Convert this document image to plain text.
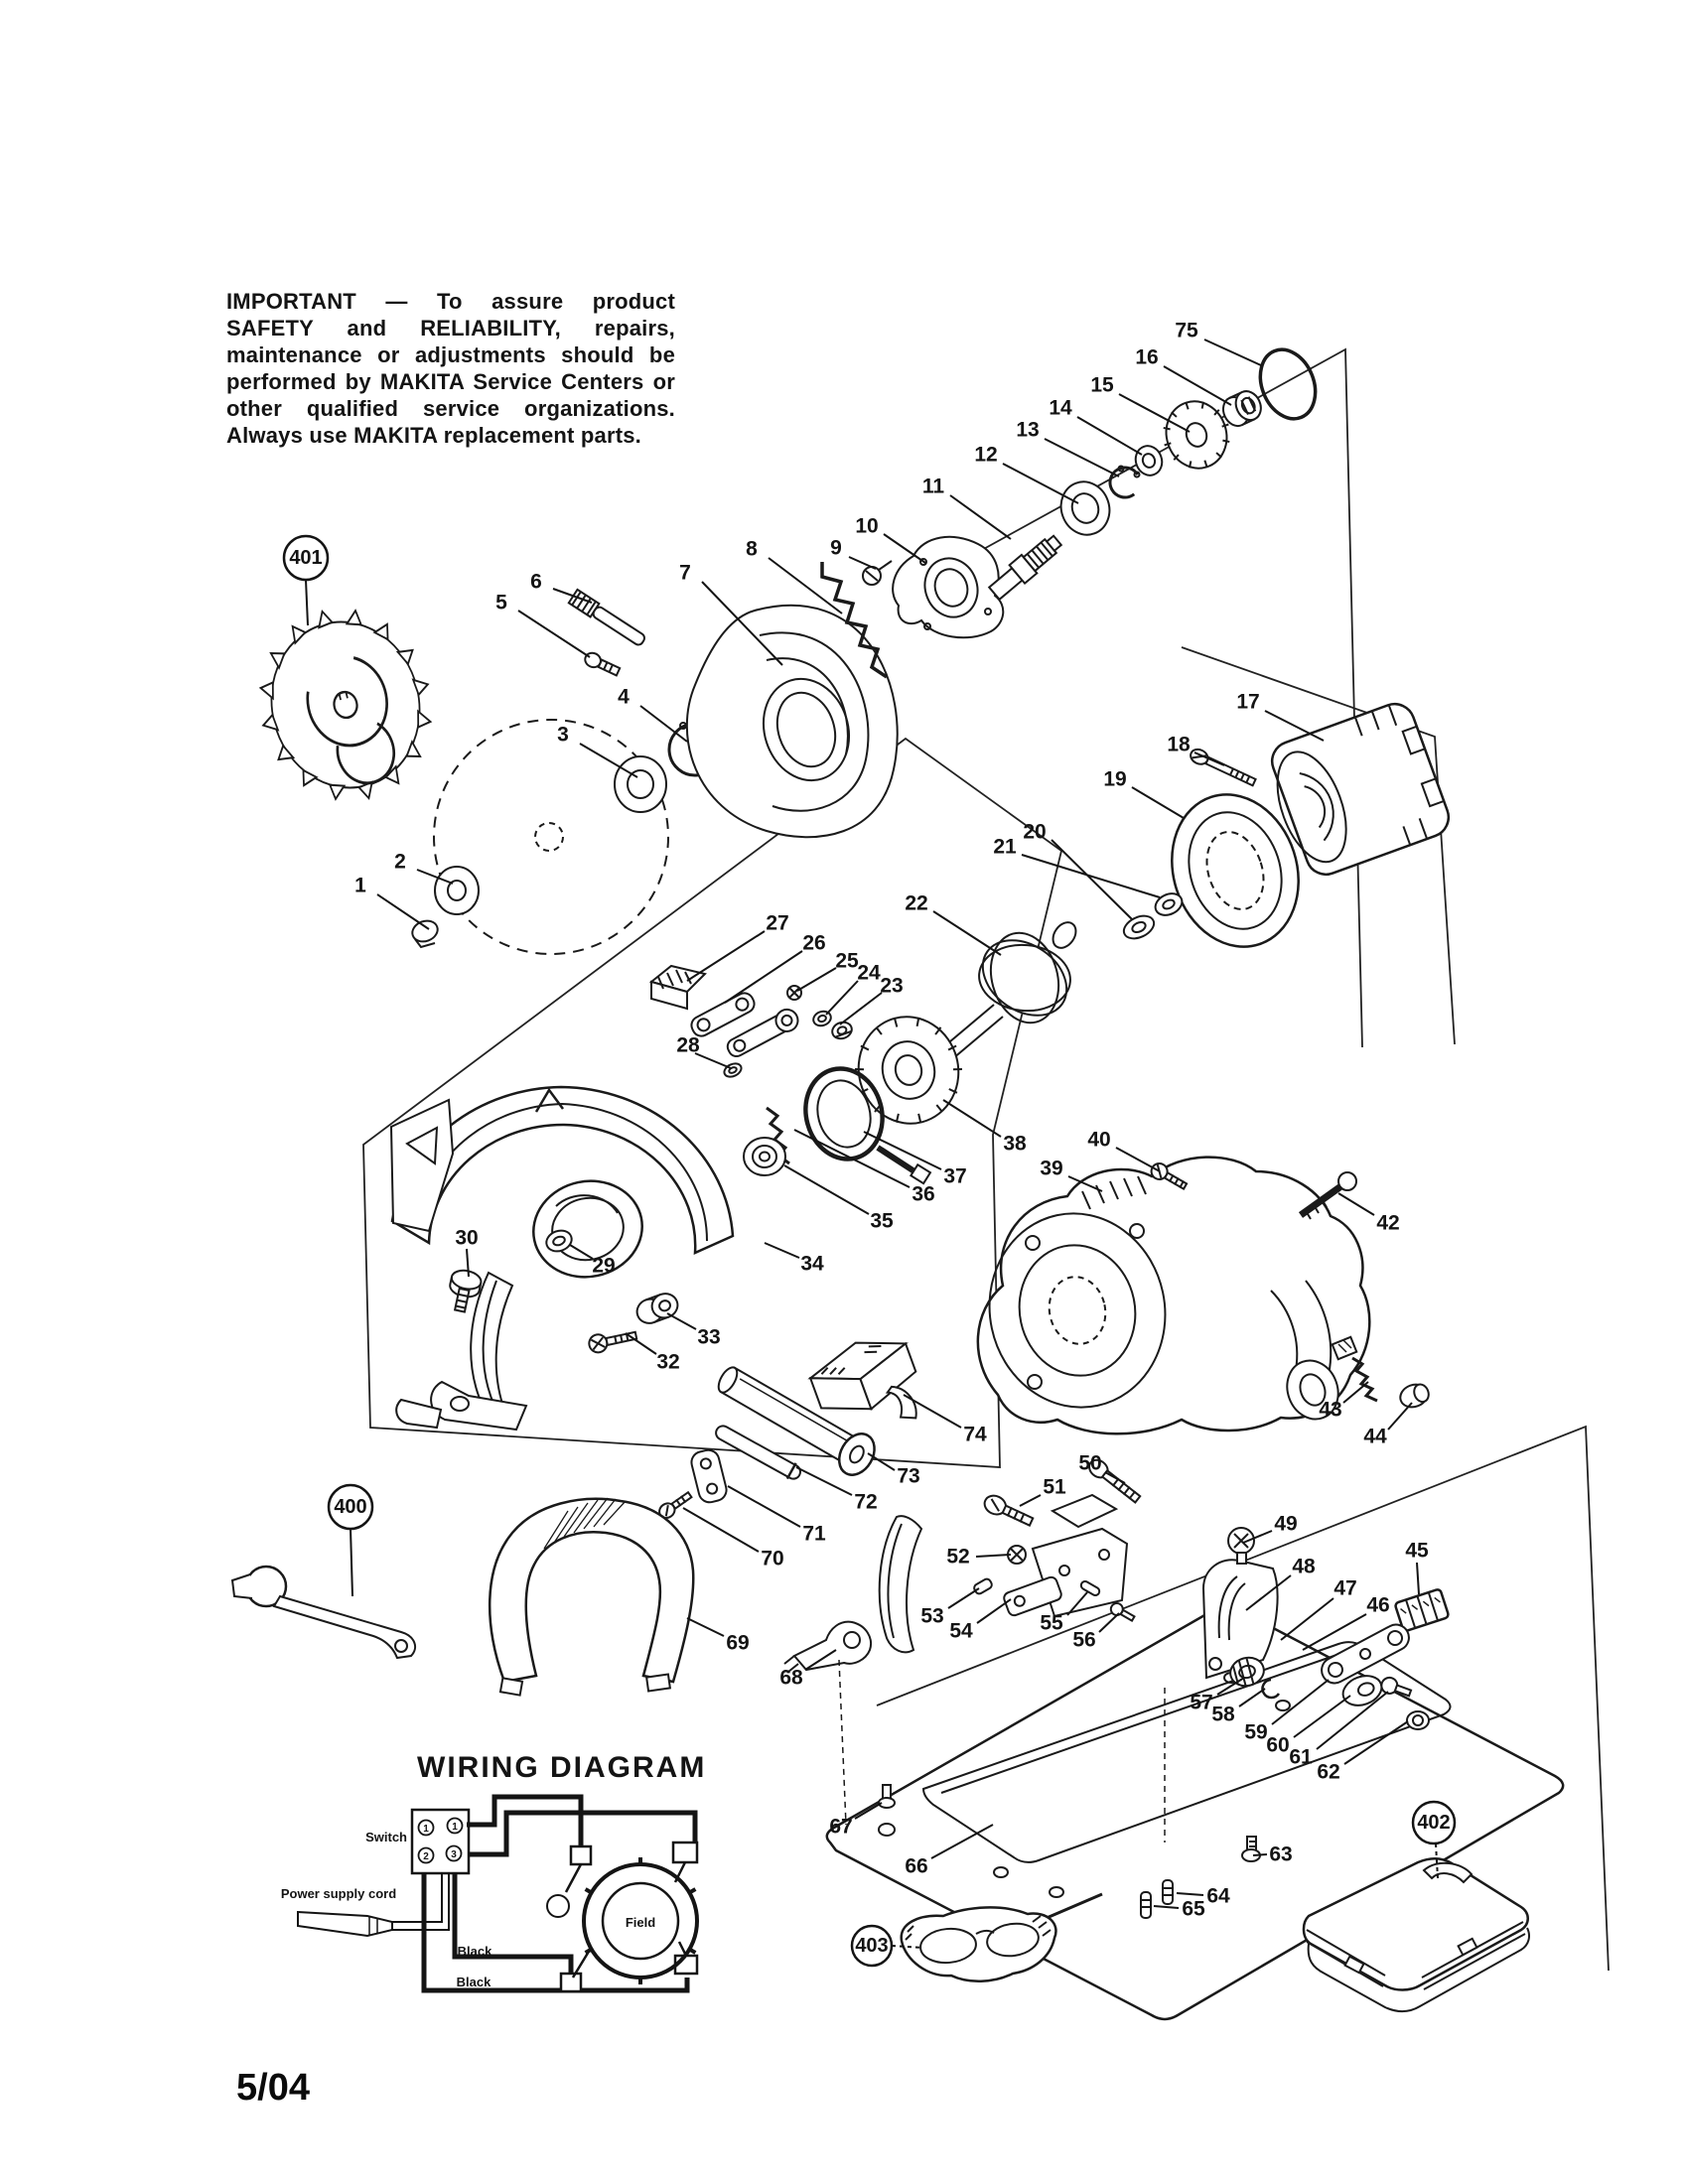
IMPORTANT — To assure product SAFETY and RELIABILITY, repairs, maintenance or adjustments should be performed by MAKITA Service Centers or other qualified service organizations. Always use MAKITA replacement parts.
5/04
WIRING DIAGRAM
Switch
Power supply cord
Field
Black
Black
1 1
2 3
1
2
3
4
5
6	7
8	9
10
11
12
13
14
15
16
75
17
18
19
20
21
22
23
24
25
26
27
28
29
30
32
33
34
35
36
37
38
39
40
42
43
44
45
46
47
48
49
50
51
52
53
54	55
56
57
58
59
60
61
62
63
64
65
66
67
68
69
70
71
72
73
74
401
400
402
403
